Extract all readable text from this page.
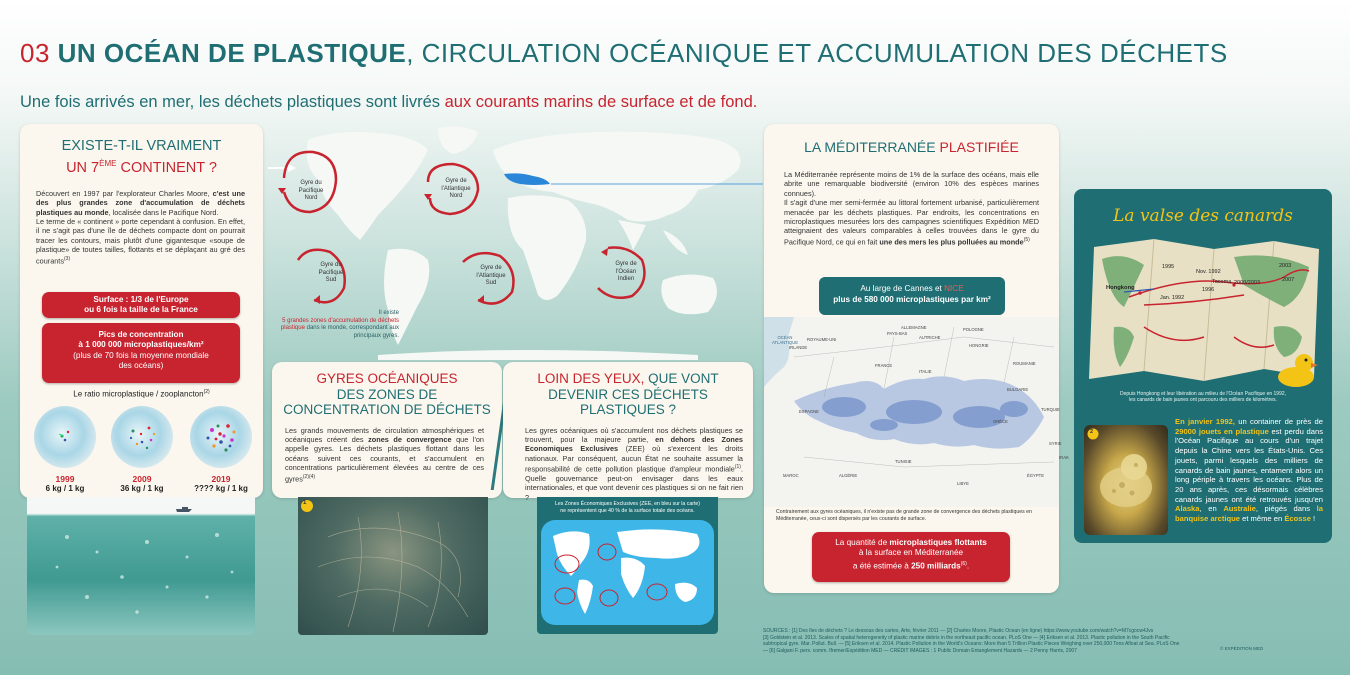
03 UN OCÉAN DE PLASTIQUE, CIRCULATION OCÉANIQUE ET ACCUMULATION DES DÉCHETS
Une fois arrivés en mer, les déchets plastiques sont livrés aux courants marins de surface et de fond.
EXISTE-T-IL VRAIMENT
UN 7ÈME CONTINENT ?

Découvert en 1997 par l'explorateur Charles Moore, c'est une des plus grandes zone d'accumulation de déchets plastiques au monde, localisée dans le Pacifique Nord.

Le terme de « continent » porte cependant à confusion. En effet, il ne s'agit pas d'une île de déchets compacte dont on pourrait tracer les contours, mais plutôt d'une gigantesque «soupe de plastique» de toutes tailles, flottants et se déplaçant au gré des courants$^{(3)}$

Surface : 1/3 de l'Europe
ou 6 fois la taille de la France
Pics de concentration
à 1 000 000 microplastiques/km²
(plus de 70 fois la moyenne mondiale
des océans)
Le ratio microplastique / zooplancton$^{(2)}$
1999
6 kg / 1 kg
2009
36 kg / 1 kg
2019
???? kg / 1 kg
Gyre du
Pacifique
Nord
Gyre de
l'Atlantique
Nord
Gyre du
Pacifique
Sud
Gyre de
l'Atlantique
Sud
Gyre de
l'Océan
Indien
Il existe
5 grandes zones d'accumulation de déchets plastique dans le monde, correspondant aux principaux gyres.
GYRES OCÉANIQUES
DES ZONES DE CONCENTRATION DE DÉCHETS
Les grands mouvements de circulation atmosphériques et océaniques créent des zones de convergence que l'on appelle gyres. Les déchets plastiques flottant dans les océans suivent ces courants, et s'accumulent en concentrations particulièrement élevées au centre de ces gyres$^{(2)(4)}$
1
LOIN DES YEUX, QUE VONT DEVENIR CES DÉCHETS PLASTIQUES ?
Les gyres océaniques où s'accumulent nos déchets plastiques se trouvent, pour la majeure partie, en dehors des Zones Economiques Exclusives (ZEE) où s'exercent les droits nationaux. Par conséquent, aucun État ne souhaite assumer la responsabilité de cette pollution plastique d'ampleur mondiale$^{(1)}$. Quelle gouvernance peut-on envisager dans les eaux internationales, et que vont devenir ces plastiques si on ne fait rien ?
Les Zones Économiques Exclusives (ZEE, en bleu sur la carte)
ne représentent que 40 % de la surface totale des océans.
LA MÉDITERRANÉE PLASTIFIÉE

La Méditerranée représente moins de 1% de la surface des océans, mais elle abrite une remarquable biodiversité (environ 10% des espèces marines connues).

Il s'agit d'une mer semi-fermée au littoral fortement urbanisé, particulièrement menacée par les déchets plastiques. Par endroits, les concentrations en microplastiques mesurées lors des campagnes scientifiques Expédition MED atteignaient des valeurs comparables à celles trouvées dans le gyre du Pacifique Nord, ce qui en fait une des mers les plus polluées au monde$^{(5)}$

Au large de Cannes et NICE
plus de 580 000 microplastiques par km²
OCÉAN
ATLANTIQUE
IRLANDE
ROYAUME-UNI
PAYS-BAS
ALLEMAGNE	POLOGNE
FRANCE
AUTRICHE
HONGRIE
ROUMANIE
ESPAGNE
ITALIE
BULGARIE
TURQUIE
GRÈCE
MAROC	ALGÉRIE
TUNISIE
LIBYE
ÉGYPTE
SYRIE
IRAK
Contrairement aux gyres océaniques, il n'existe pas de grande zone de convergence des déchets plastiques en Méditerranée, ceux-ci sont dispersés par les courants de surface.
La quantité de microplastiques flottants
à la surface en Méditerranée
a été estimée à 250 milliards$^{(6)}$.
La valse des canards
Hongkong
1995
Nov. 1992
Jan. 1992
Tacoma
1996
2000/2003
2003
2007
Depuis Hongkong et leur libération au milieu de l'Océan Pacifique en 1992,
les canards de bain jaunes ont parcouru des milliers de kilomètres.
2
En janvier 1992, un container de près de 29000 jouets en plastique est perdu dans l'Océan Pacifique au cours d'un trajet depuis la Chine vers les États-Unis. Ces jouets, parmi lesquels des milliers de canards de bain jaunes, entament alors un long périple à travers les océans. Plus de 20 ans après, ces désormais célèbres canards jaunes ont été retrouvés jusqu'en Alaska, en Australie, piégés dans la banquise arctique et même en Écosse !
SOURCES : [1] Des îles de déchets ? Le dessous des cartes, Arte, février 2011 — [2] Charles Moore, Plastic Ocean (en ligne) https://www.youtube.com/watch?v=M7cgocw4Jvs
[3] Goldstein et al. 2013. Scales of spatial heterogeneity of plastic marine debris in the northeast pacific ocean. PLoS One — [4] Eriksen et al. 2013. Plastic pollution in the South Pacific
subtropical gyre. Mar. Pollut. Bull. — [5] Eriksen et al. 2014. Plastic Pollution in the World's Oceans: More than 5 Trillion Plastic Pieces Weighing over 250,000 Tons Afloat at Sea. PLoS One
— [6] Galgani F. pers. comm. Ifremer/Expédition MED — CRÉDIT IMAGES : 1 Public Domain Entanglement Hazards — 2 Penny Harris, 2007	© EXPÉDITION MED
